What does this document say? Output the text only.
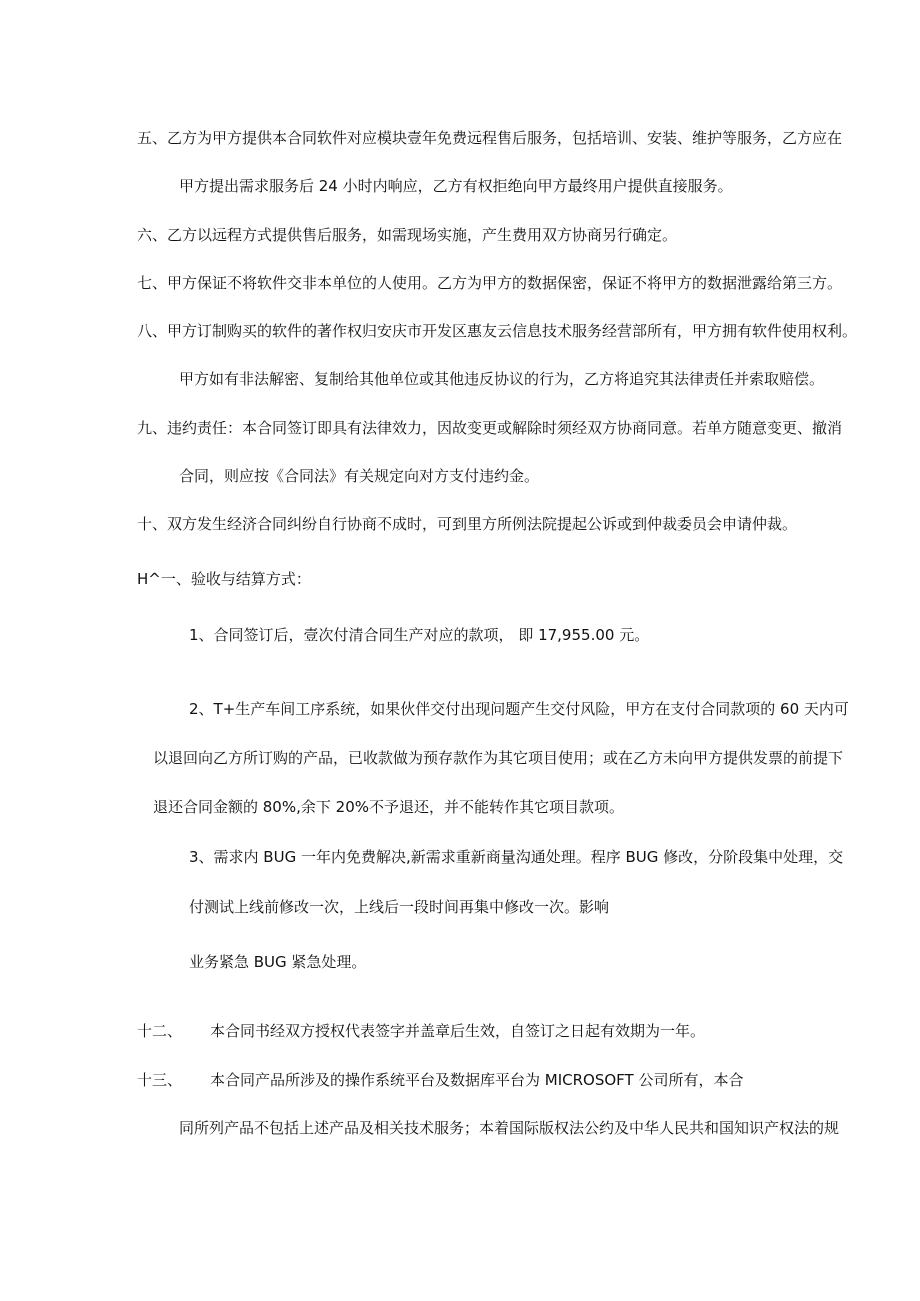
五、乙方为甲方提供本合同软件对应模块壹年免费远程售后服务，包括培训、安装、维护等服务，乙方应在
甲方提出需求服务后 24 小时内响应，乙方有权拒绝向甲方最终用户提供直接服务。
六、乙方以远程方式提供售后服务，如需现场实施，产生费用双方协商另行确定。
七、甲方保证不将软件交非本单位的人使用。乙方为甲方的数据保密，保证不将甲方的数据泄露给第三方。
八、甲方订制购买的软件的著作权归安庆市开发区惠友云信息技术服务经营部所有，甲方拥有软件使用权利。
甲方如有非法解密、复制给其他单位或其他违反协议的行为，乙方将追究其法律责任并索取赔偿。
九、违约责任：本合同签订即具有法律效力，因故变更或解除时须经双方协商同意。若单方随意变更、撤消
合同，则应按《合同法》有关规定向对方支付违约金。
十、双方发生经济合同纠纷自行协商不成时，可到里方所例法院提起公诉或到仲裁委员会申请仲裁。
H^一、验收与结算方式：
1、合同签订后，壹次付清合同生产对应的款项， 即 17,955.00 元。
2、T+生产车间工序系统，如果伙伴交付出现问题产生交付风险，甲方在支付合同款项的 60 天内可
以退回向乙方所订购的产品，已收款做为预存款作为其它项目使用；或在乙方未向甲方提供发票的前提下
退还合同金额的 80%,余下 20%不予退还，并不能转作其它项目款项。
3、需求内 BUG 一年内免费解决,新需求重新商量沟通处理。程序 BUG 修改，分阶段集中处理，交
付测试上线前修改一次，上线后一段时间再集中修改一次。影响
业务紧急 BUG 紧急处理。
十二、 本合同书经双方授权代表签字并盖章后生效，自签订之日起有效期为一年。
十三、 本合同产品所涉及的操作系统平台及数据库平台为 MICROSOFT 公司所有，本合
同所列产品不包括上述产品及相关技术服务；本着国际版权法公约及中华人民共和国知识产权法的规
